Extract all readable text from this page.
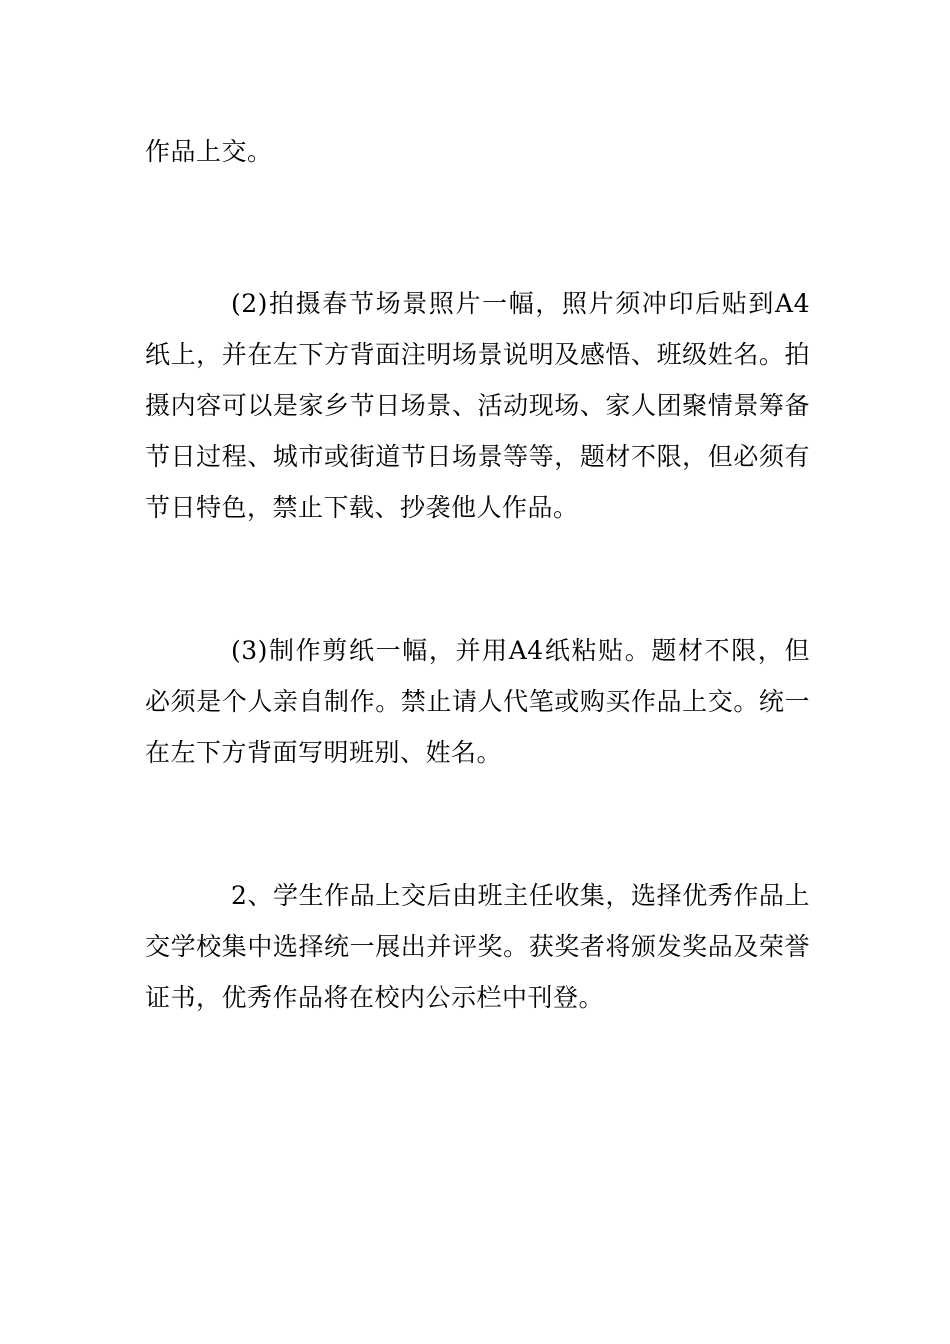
作品上交。

(2)拍摄春节场景照片一幅，照片须冲印后贴到A4纸上，并在左下方背面注明场景说明及感悟、班级姓名。拍摄内容可以是家乡节日场景、活动现场、家人团聚情景筹备节日过程、城市或街道节日场景等等，题材不限，但必须有节日特色，禁止下载、抄袭他人作品。

(3)制作剪纸一幅，并用A4纸粘贴。题材不限，但必须是个人亲自制作。禁止请人代笔或购买作品上交。统一在左下方背面写明班别、姓名。

2、学生作品上交后由班主任收集，选择优秀作品上交学校集中选择统一展出并评奖。获奖者将颁发奖品及荣誉证书，优秀作品将在校内公示栏中刊登。
